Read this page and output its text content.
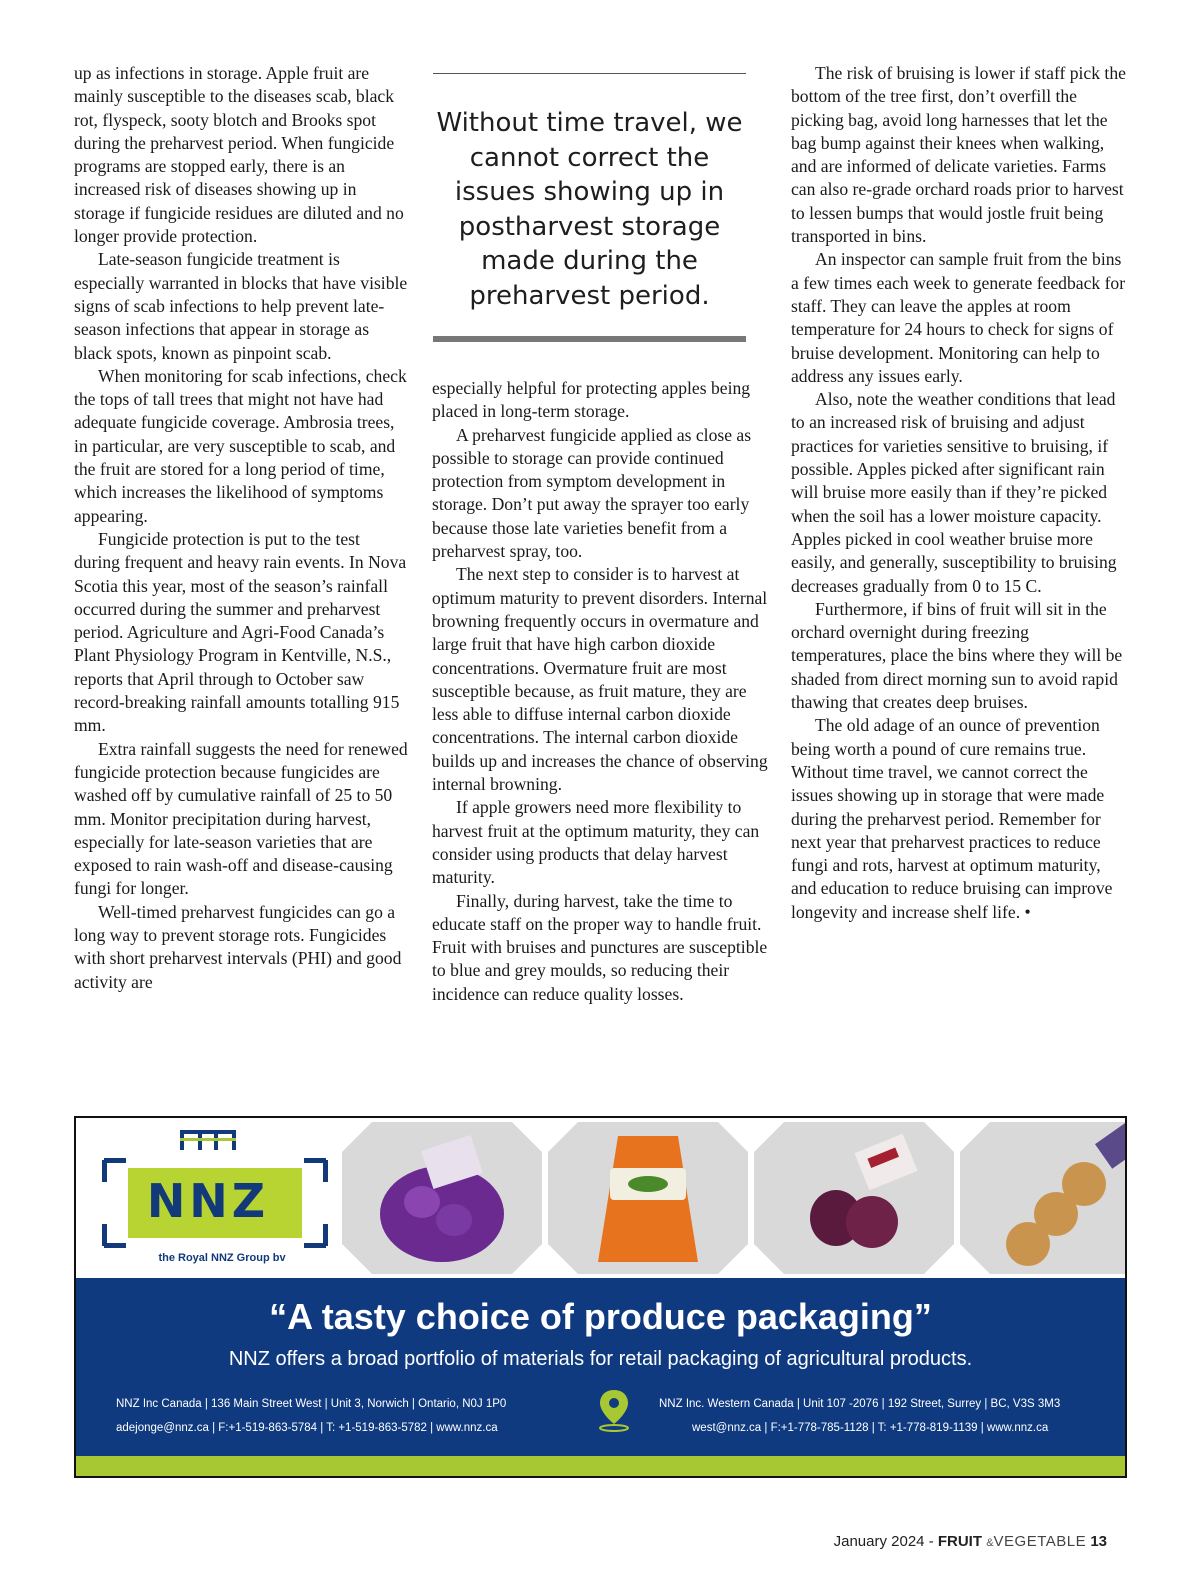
up as infections in storage. Apple fruit are mainly susceptible to the diseases scab, black rot, flyspeck, sooty blotch and Brooks spot during the preharvest period. When fungicide programs are stopped early, there is an increased risk of diseases showing up in storage if fungicide residues are diluted and no longer provide protection.

Late-season fungicide treatment is especially warranted in blocks that have visible signs of scab infections to help prevent late-season infections that appear in storage as black spots, known as pinpoint scab.

When monitoring for scab infections, check the tops of tall trees that might not have had adequate fungicide coverage. Ambrosia trees, in particular, are very susceptible to scab, and the fruit are stored for a long period of time, which increases the likelihood of symptoms appearing.

Fungicide protection is put to the test during frequent and heavy rain events. In Nova Scotia this year, most of the season’s rainfall occurred during the summer and preharvest period. Agriculture and Agri-Food Canada’s Plant Physiology Program in Kentville, N.S., reports that April through to October saw record-breaking rainfall amounts totalling 915 mm.

Extra rainfall suggests the need for renewed fungicide protection because fungicides are washed off by cumulative rainfall of 25 to 50 mm. Monitor precipitation during harvest, especially for late-season varieties that are exposed to rain wash-off and disease-causing fungi for longer.

Well-timed preharvest fungicides can go a long way to prevent storage rots. Fungicides with short preharvest intervals (PHI) and good activity are

Without time travel, we cannot correct the issues showing up in postharvest storage made during the preharvest period.

especially helpful for protecting apples being placed in long-term storage.

A preharvest fungicide applied as close as possible to storage can provide continued protection from symptom development in storage. Don’t put away the sprayer too early because those late varieties benefit from a preharvest spray, too.

The next step to consider is to harvest at optimum maturity to prevent disorders. Internal browning frequently occurs in overmature and large fruit that have high carbon dioxide concentrations. Overmature fruit are most susceptible because, as fruit mature, they are less able to diffuse internal carbon dioxide concentrations. The internal carbon dioxide builds up and increases the chance of observing internal browning.

If apple growers need more flexibility to harvest fruit at the optimum maturity, they can consider using products that delay harvest maturity.

Finally, during harvest, take the time to educate staff on the proper way to handle fruit. Fruit with bruises and punctures are susceptible to blue and grey moulds, so reducing their incidence can reduce quality losses.

The risk of bruising is lower if staff pick the bottom of the tree first, don’t overfill the picking bag, avoid long harnesses that let the bag bump against their knees when walking, and are informed of delicate varieties. Farms can also re-grade orchard roads prior to harvest to lessen bumps that would jostle fruit being transported in bins.

An inspector can sample fruit from the bins a few times each week to generate feedback for staff. They can leave the apples at room temperature for 24 hours to check for signs of bruise development. Monitoring can help to address any issues early.

Also, note the weather conditions that lead to an increased risk of bruising and adjust practices for varieties sensitive to bruising, if possible. Apples picked after significant rain will bruise more easily than if they’re picked when the soil has a lower moisture capacity. Apples picked in cool weather bruise more easily, and generally, susceptibility to bruising decreases gradually from 0 to 15 C.

Furthermore, if bins of fruit will sit in the orchard overnight during freezing temperatures, place the bins where they will be shaded from direct morning sun to avoid rapid thawing that creates deep bruises.

The old adage of an ounce of prevention being worth a pound of cure remains true. Without time travel, we cannot correct the issues showing up in storage that were made during the preharvest period. Remember for next year that preharvest practices to reduce fungi and rots, harvest at optimum maturity, and education to reduce bruising can improve longevity and increase shelf life. •

NNZ
the Royal NNZ Group bv
“A tasty choice of produce packaging”
NNZ offers a broad portfolio of materials for retail packaging of agricultural products.
NNZ Inc Canada | 136 Main Street West | Unit 3, Norwich | Ontario, N0J 1P0
adejonge@nnz.ca | F:+1-519-863-5784 | T: +1-519-863-5782 | www.nnz.ca
NNZ Inc. Western Canada | Unit 107 -2076 | 192 Street, Surrey | BC, V3S 3M3
west@nnz.ca | F:+1-778-785-1128 | T: +1-778-819-1139 | www.nnz.ca
January 2024 - FRUIT &VEGETABLE 13
